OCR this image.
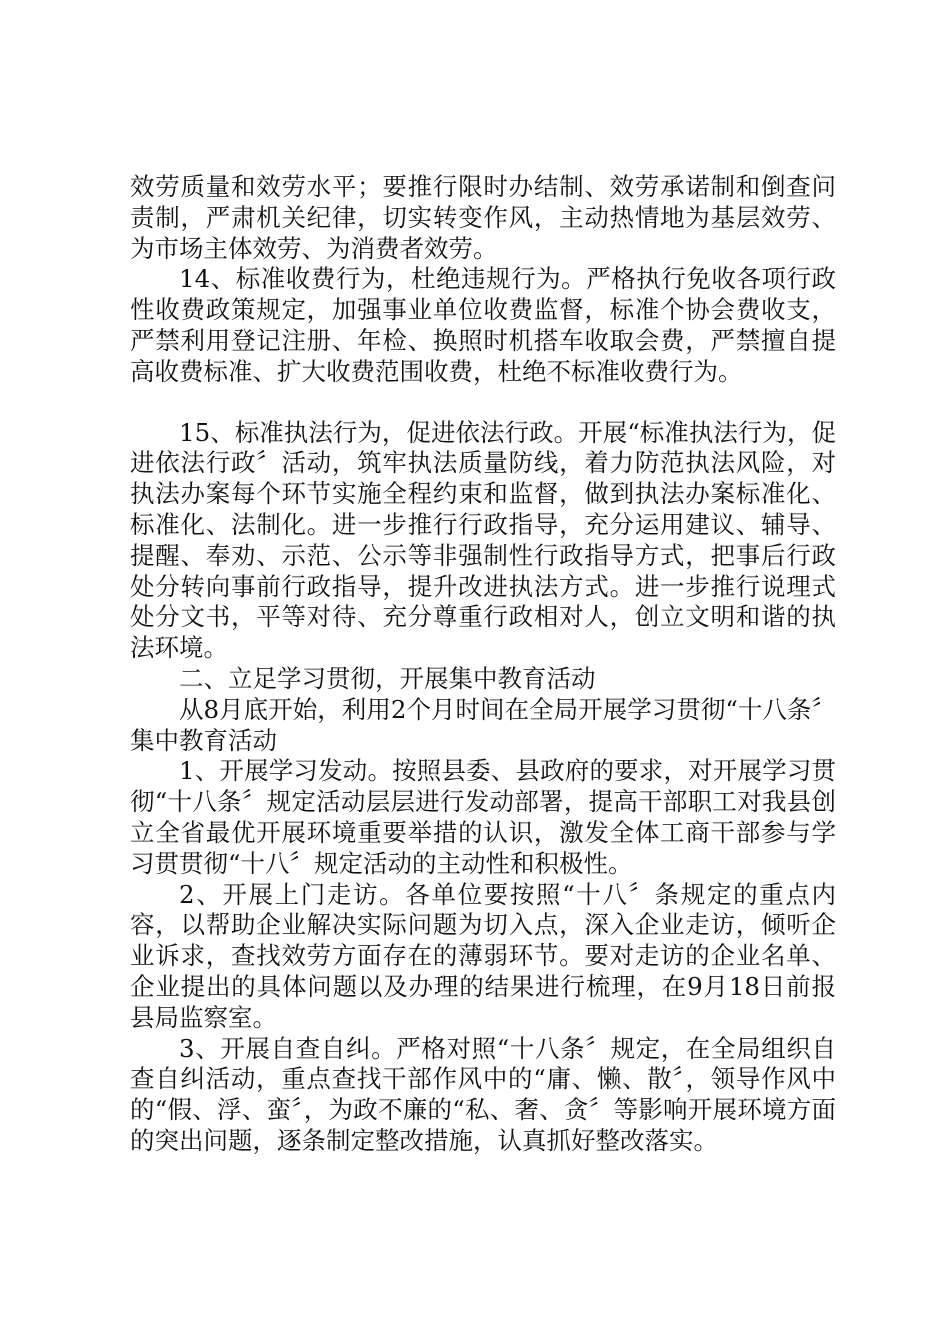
效劳质量和效劳水平；要推行限时办结制、效劳承诺制和倒查问责制，严肃机关纪律，切实转变作风，主动热情地为基层效劳、为市场主体效劳、为消费者效劳。

14、标准收费行为，杜绝违规行为。严格执行免收各项行政性收费政策规定，加强事业单位收费监督，标准个协会费收支，严禁利用登记注册、年检、换照时机搭车收取会费，严禁擅自提高收费标准、扩大收费范围收费，杜绝不标准收费行为。

15、标准执法行为，促进依法行政。开展“标准执法行为，促进依法行政〞活动，筑牢执法质量防线，着力防范执法风险，对执法办案每个环节实施全程约束和监督，做到执法办案标准化、标准化、法制化。进一步推行行政指导，充分运用建议、辅导、提醒、奉劝、示范、公示等非强制性行政指导方式，把事后行政处分转向事前行政指导，提升改进执法方式。进一步推行说理式处分文书，平等对待、充分尊重行政相对人，创立文明和谐的执法环境。

二、立足学习贯彻，开展集中教育活动

从8月底开始，利用2个月时间在全局开展学习贯彻“十八条〞集中教育活动

1、开展学习发动。按照县委、县政府的要求，对开展学习贯彻“十八条〞规定活动层层进行发动部署，提高干部职工对我县创立全省最优开展环境重要举措的认识，激发全体工商干部参与学习贯贯彻“十八〞规定活动的主动性和积极性。

2、开展上门走访。各单位要按照“十八〞条规定的重点内容，以帮助企业解决实际问题为切入点，深入企业走访，倾听企业诉求，查找效劳方面存在的薄弱环节。要对走访的企业名单、企业提出的具体问题以及办理的结果进行梳理，在9月18日前报县局监察室。

3、开展自查自纠。严格对照“十八条〞规定，在全局组织自查自纠活动，重点查找干部作风中的“庸、懒、散〞，领导作风中的“假、浮、蛮〞，为政不廉的“私、奢、贪〞等影响开展环境方面的突出问题，逐条制定整改措施，认真抓好整改落实。
